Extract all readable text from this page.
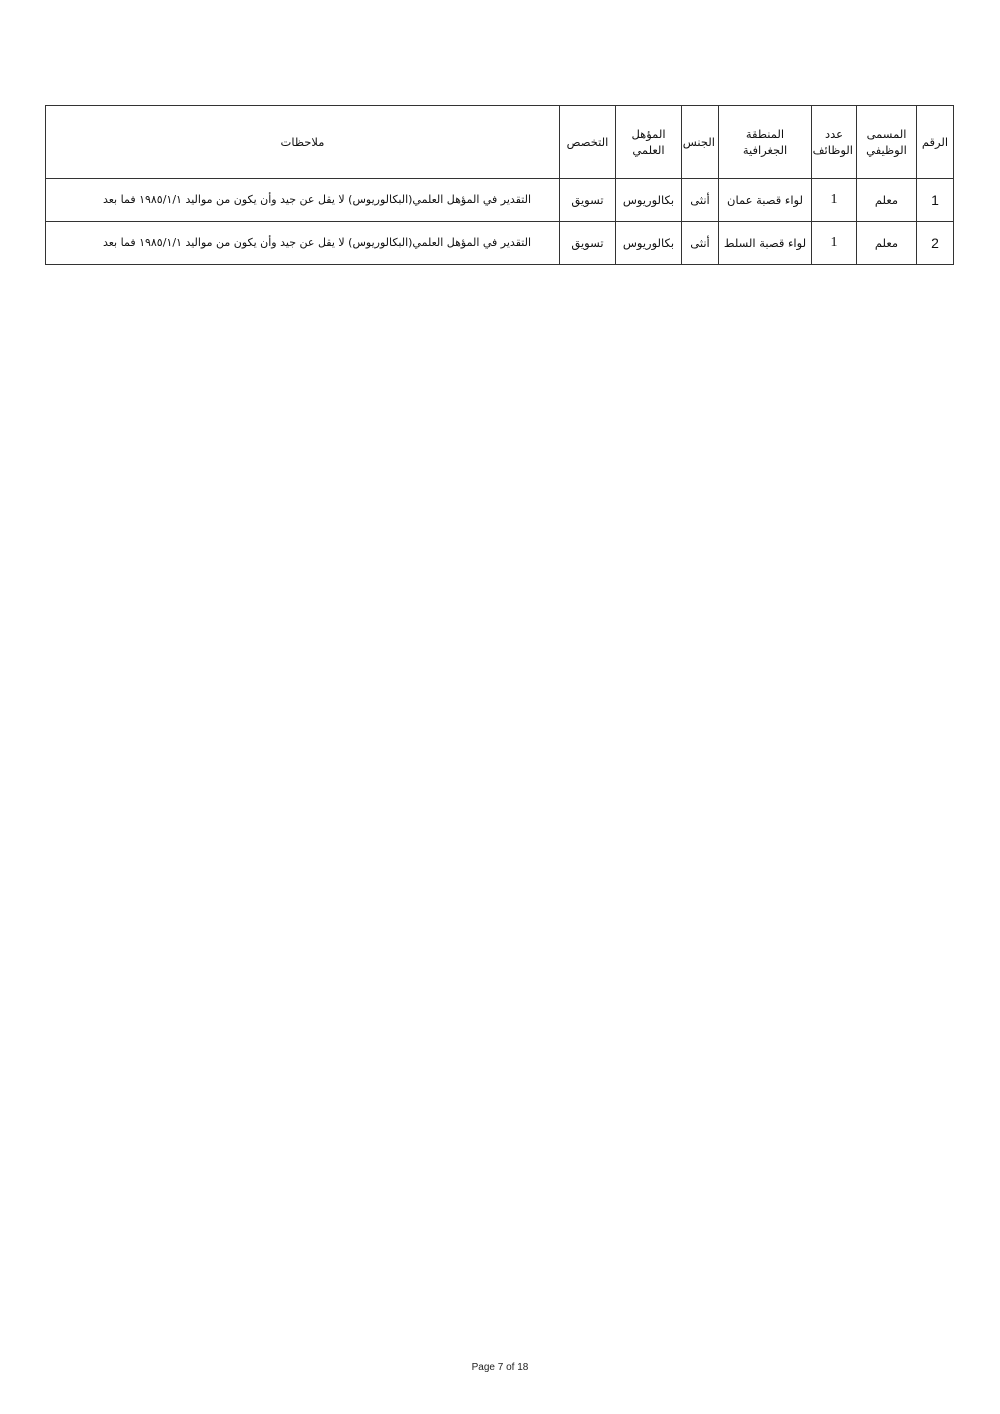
الرقم	المسمى الوظيفي	عدد الوظائف	المنطقة الجغرافية	الجنس	المؤهل العلمي	التخصص	ملاحظات
1	معلم	1	لواء قصبة عمان	أنثى	بكالوريوس	تسويق	التقدير في المؤهل العلمي(البكالوريوس) لا يقل عن جيد وأن يكون من مواليد ١٩٨٥/١/١ فما بعد
2	معلم	1	لواء قصبة السلط	أنثى	بكالوريوس	تسويق	التقدير في المؤهل العلمي(البكالوريوس) لا يقل عن جيد وأن يكون من مواليد ١٩٨٥/١/١ فما بعد
Page 7 of 18
